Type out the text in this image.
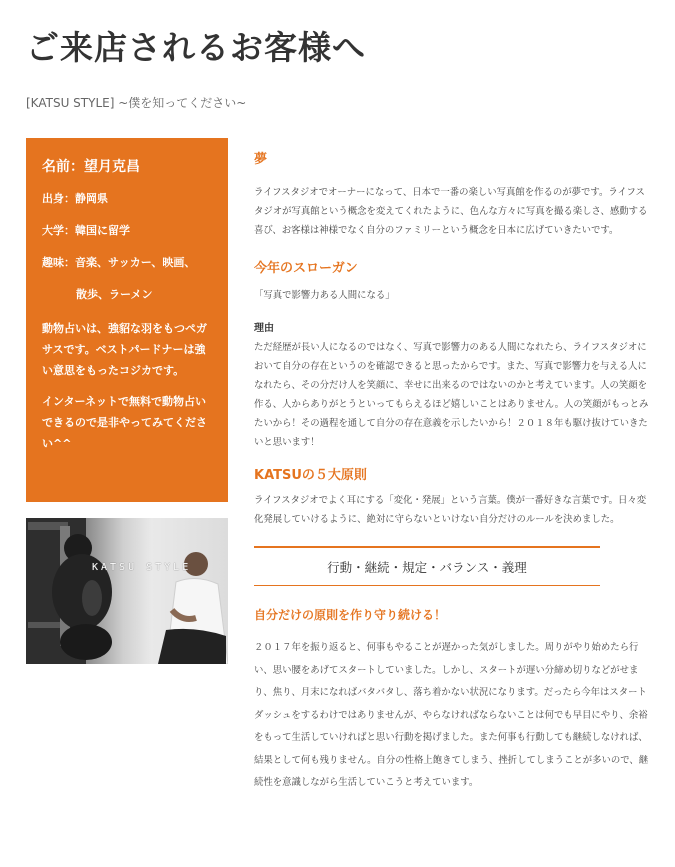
ご来店されるお客様へ
[KATSU STYLE] ~僕を知ってください~
名前：望月克昌
出身：静岡県
大学：韓国に留学
趣味：音楽、サッカー、映画、
散歩、ラーメン
動物占いは、強貂な羽をもつペガサスです。ベストパードナーは強い意思をもったコジカです。
インターネットで無料で動物占いできるので是非やってみてください^^
KATSU STYLE
夢

ライフスタジオでオーナーになって、日本で一番の楽しい写真館を作るのが夢です。ライフスタジオが写真館という概念を変えてくれたように、色んな方々に写真を撮る楽しさ、感動する喜び、お客様は神様でなく自分のファミリーという概念を日本に広げていきたいです。

今年のスローガン

「写真で影響力ある人間になる」

理由

ただ経歴が長い人になるのではなく、写真で影響力のある人間になれたら、ライフスタジオにおいて自分の存在というのを確認できると思ったからです。また、写真で影響力を与える人になれたら、その分だけ人を笑顔に、幸せに出来るのではないのかと考えています。人の笑顔を作る、人からありがとうといってもらえるほど嬉しいことはありません。人の笑顔がもっとみたいから！その過程を通して自分の存在意義を示したいから！２０１８年も駆け抜けていきたいと思います！

KATSUの５大原則

ライフスタジオでよく耳にする「変化・発展」という言葉。僕が一番好きな言葉です。日々変化発展していけるように、絶対に守らないといけない自分だけのルールを決めました。

行動・継続・規定・バランス・義理
自分だけの原則を作り守り続ける！

２０１７年を振り返ると、何事もやることが遅かった気がしました。周りがやり始めたら行い、思い腰をあげてスタートしていました。しかし、スタートが遅い分締め切りなどがせまり、焦り、月末になればバタバタし、落ち着かない状況になります。だったら今年はスタートダッシュをするわけではありませんが、やらなければならないことは何でも早目にやり、余裕をもって生活していければと思い行動を掲げました。また何事も行動しても継続しなければ、結果として何も残りません。自分の性格上飽きてしまう、挫折してしまうことが多いので、継続性を意識しながら生活していこうと考えています。
